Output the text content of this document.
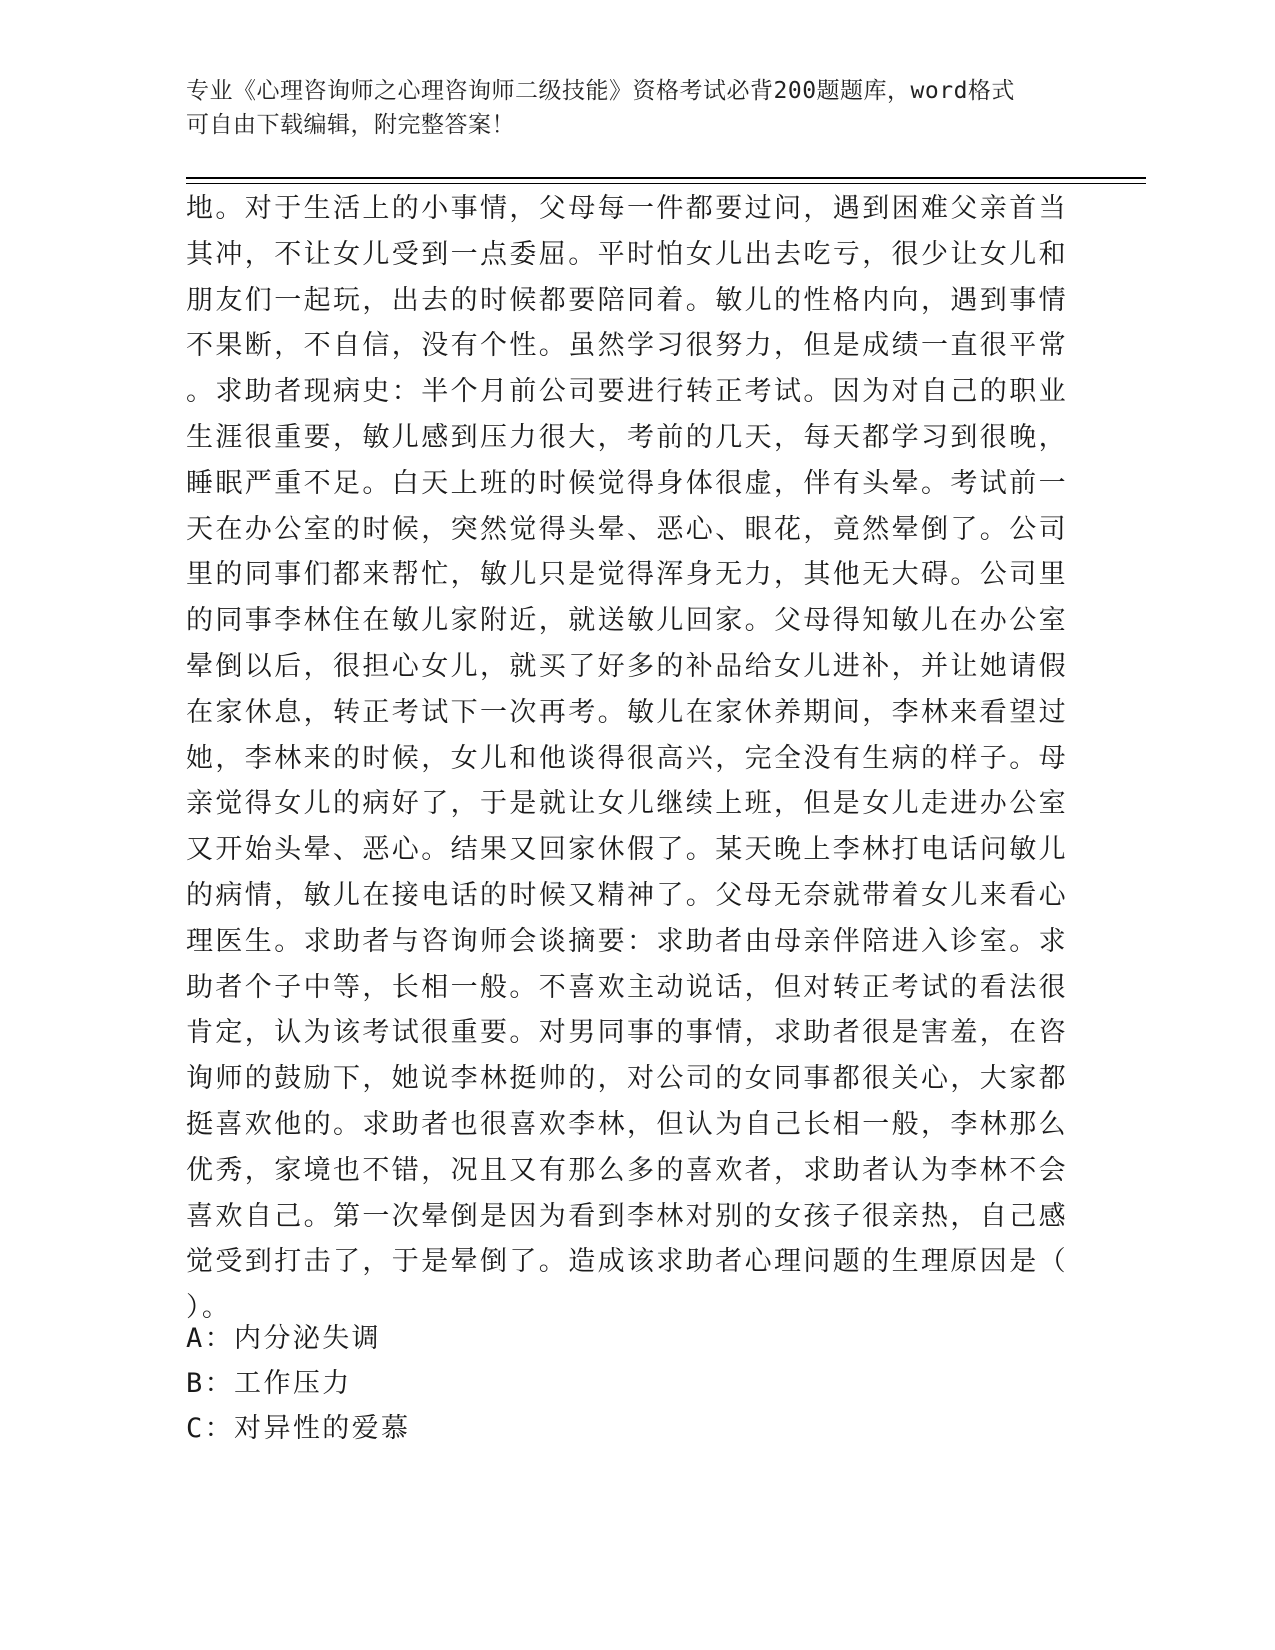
专业《心理咨询师之心理咨询师二级技能》资格考试必背200题题库，word格式
可自由下载编辑，附完整答案！
地。对于生活上的小事情，父母每一件都要过问，遇到困难父亲首当
其冲，不让女儿受到一点委屈。平时怕女儿出去吃亏，很少让女儿和
朋友们一起玩，出去的时候都要陪同着。敏儿的性格内向，遇到事情
不果断，不自信，没有个性。虽然学习很努力，但是成绩一直很平常
。求助者现病史：半个月前公司要进行转正考试。因为对自己的职业
生涯很重要，敏儿感到压力很大，考前的几天，每天都学习到很晚，
睡眠严重不足。白天上班的时候觉得身体很虚，伴有头晕。考试前一
天在办公室的时候，突然觉得头晕、恶心、眼花，竟然晕倒了。公司
里的同事们都来帮忙，敏儿只是觉得浑身无力，其他无大碍。公司里
的同事李林住在敏儿家附近，就送敏儿回家。父母得知敏儿在办公室
晕倒以后，很担心女儿，就买了好多的补品给女儿进补，并让她请假
在家休息，转正考试下一次再考。敏儿在家休养期间，李林来看望过
她，李林来的时候，女儿和他谈得很高兴，完全没有生病的样子。母
亲觉得女儿的病好了，于是就让女儿继续上班，但是女儿走进办公室
又开始头晕、恶心。结果又回家休假了。某天晚上李林打电话问敏儿
的病情，敏儿在接电话的时候又精神了。父母无奈就带着女儿来看心
理医生。求助者与咨询师会谈摘要：求助者由母亲伴陪进入诊室。求
助者个子中等，长相一般。不喜欢主动说话，但对转正考试的看法很
肯定，认为该考试很重要。对男同事的事情，求助者很是害羞，在咨
询师的鼓励下，她说李林挺帅的，对公司的女同事都很关心，大家都
挺喜欢他的。求助者也很喜欢李林，但认为自己长相一般，李林那么
优秀，家境也不错，况且又有那么多的喜欢者，求助者认为李林不会
喜欢自己。第一次晕倒是因为看到李林对别的女孩子很亲热，自己感
觉受到打击了，于是晕倒了。造成该求助者心理问题的生理原因是（
）。
A：内分泌失调
B：工作压力
C：对异性的爱慕
